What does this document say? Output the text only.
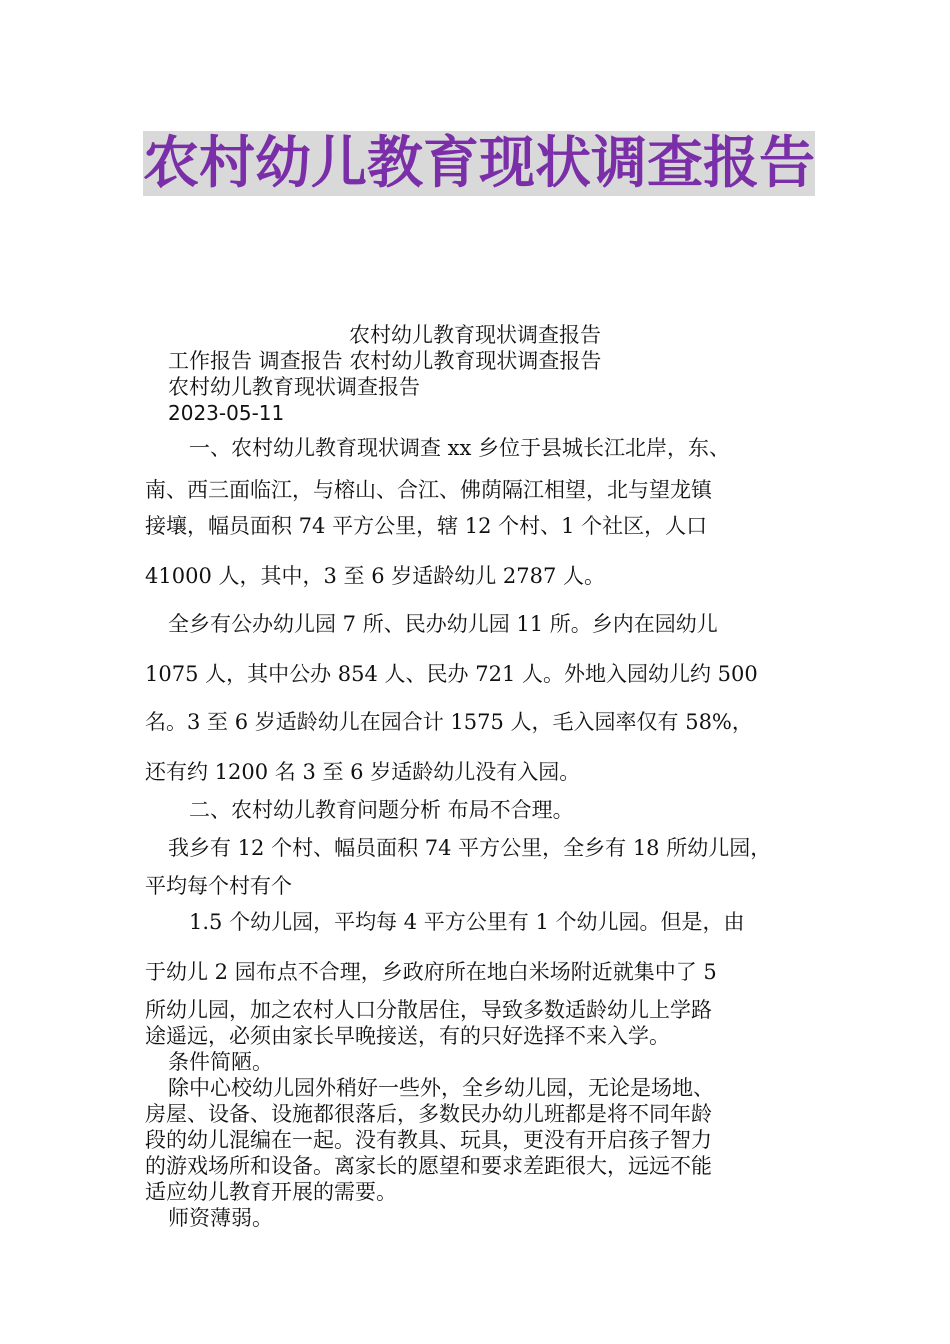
农村幼儿教育现状调查报告
农村幼儿教育现状调查报告
工作报告 调查报告 农村幼儿教育现状调查报告
农村幼儿教育现状调查报告
2023-05-11
　一、农村幼儿教育现状调查 xx 乡位于县城长江北岸，东、
南、西三面临江，与榕山、合江、佛荫隔江相望，北与望龙镇
接壤，幅员面积 74 平方公里，辖 12 个村、1 个社区，人口
41000 人，其中，3 至 6 岁适龄幼儿 2787 人。
全乡有公办幼儿园 7 所、民办幼儿园 11 所。乡内在园幼儿
1075 人，其中公办 854 人、民办 721 人。外地入园幼儿约 500
名。3 至 6 岁适龄幼儿在园合计 1575 人，毛入园率仅有 58%，
还有约 1200 名 3 至 6 岁适龄幼儿没有入园。
　二、农村幼儿教育问题分析 布局不合理。
我乡有 12 个村、幅员面积 74 平方公里，全乡有 18 所幼儿园，
平均每个村有个
　1.5 个幼儿园，平均每 4 平方公里有 1 个幼儿园。但是，由
于幼儿 2 园布点不合理，乡政府所在地白米场附近就集中了 5
所幼儿园，加之农村人口分散居住，导致多数适龄幼儿上学路
途遥远，必须由家长早晚接送，有的只好选择不来入学。
条件简陋。
除中心校幼儿园外稍好一些外，全乡幼儿园，无论是场地、
房屋、设备、设施都很落后，多数民办幼儿班都是将不同年龄
段的幼儿混编在一起。没有教具、玩具，更没有开启孩子智力
的游戏场所和设备。离家长的愿望和要求差距很大，远远不能
适应幼儿教育开展的需要。
师资薄弱。
